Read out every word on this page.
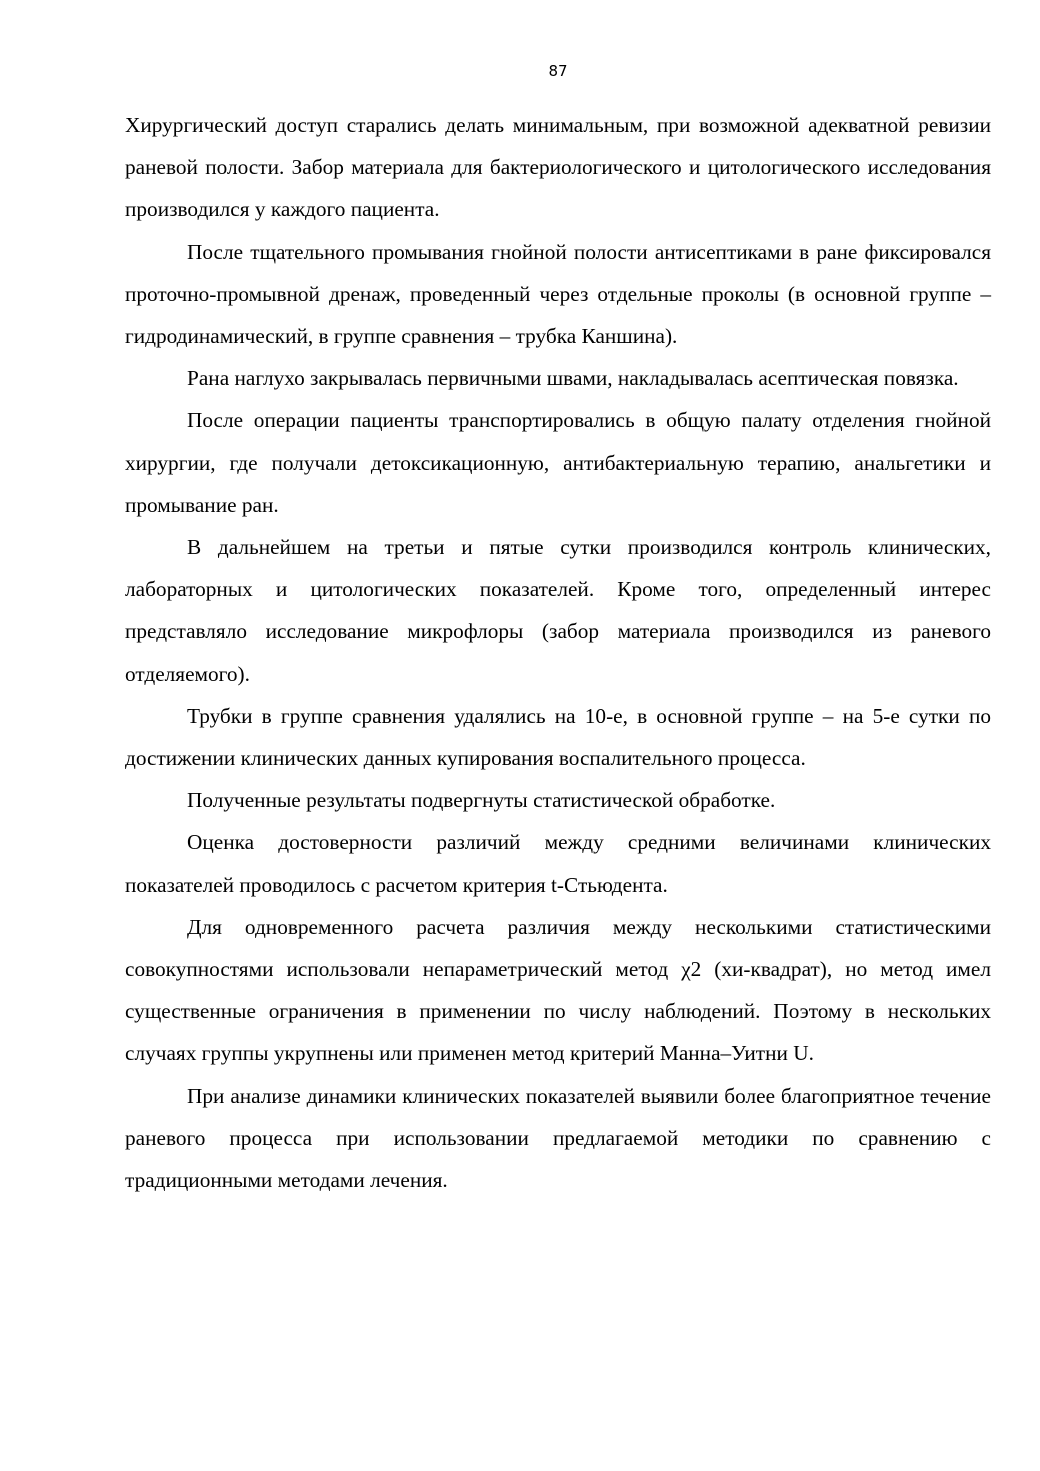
87

Хирургический доступ старались делать минимальным, при возможной адекватной ревизии раневой полости. Забор материала для бактериологического и цитологического исследования производился у каждого пациента.

После тщательного промывания гнойной полости антисептиками в ране фиксировался проточно-промывной дренаж, проведенный через отдельные проколы (в основной группе – гидродинамический, в группе сравнения – трубка Каншина).

Рана наглухо закрывалась первичными швами, накладывалась асептическая повязка.

После операции пациенты транспортировались в общую палату отделения гнойной хирургии, где получали детоксикационную, антибактериальную терапию, анальгетики и промывание ран.

В дальнейшем на третьи и пятые сутки производился контроль клинических, лабораторных и цитологических показателей. Кроме того, определенный интерес представляло исследование микрофлоры (забор материала производился из раневого отделяемого).

Трубки в группе сравнения удалялись на 10-е, в основной группе – на 5-е сутки по достижении клинических данных купирования воспалительного процесса.

Полученные результаты подвергнуты статистической обработке.

Оценка достоверности различий между средними величинами клинических показателей проводилось с расчетом критерия t-Стьюдента.

Для одновременного расчета различия между несколькими статистическими совокупностями использовали непараметрический метод χ2 (хи-квадрат), но метод имел существенные ограничения в применении по числу наблюдений. Поэтому в нескольких случаях группы укрупнены или применен метод критерий Манна–Уитни U.

При анализе динамики клинических показателей выявили более благоприятное течение раневого процесса при использовании предлагаемой методики по сравнению с традиционными методами лечения.
